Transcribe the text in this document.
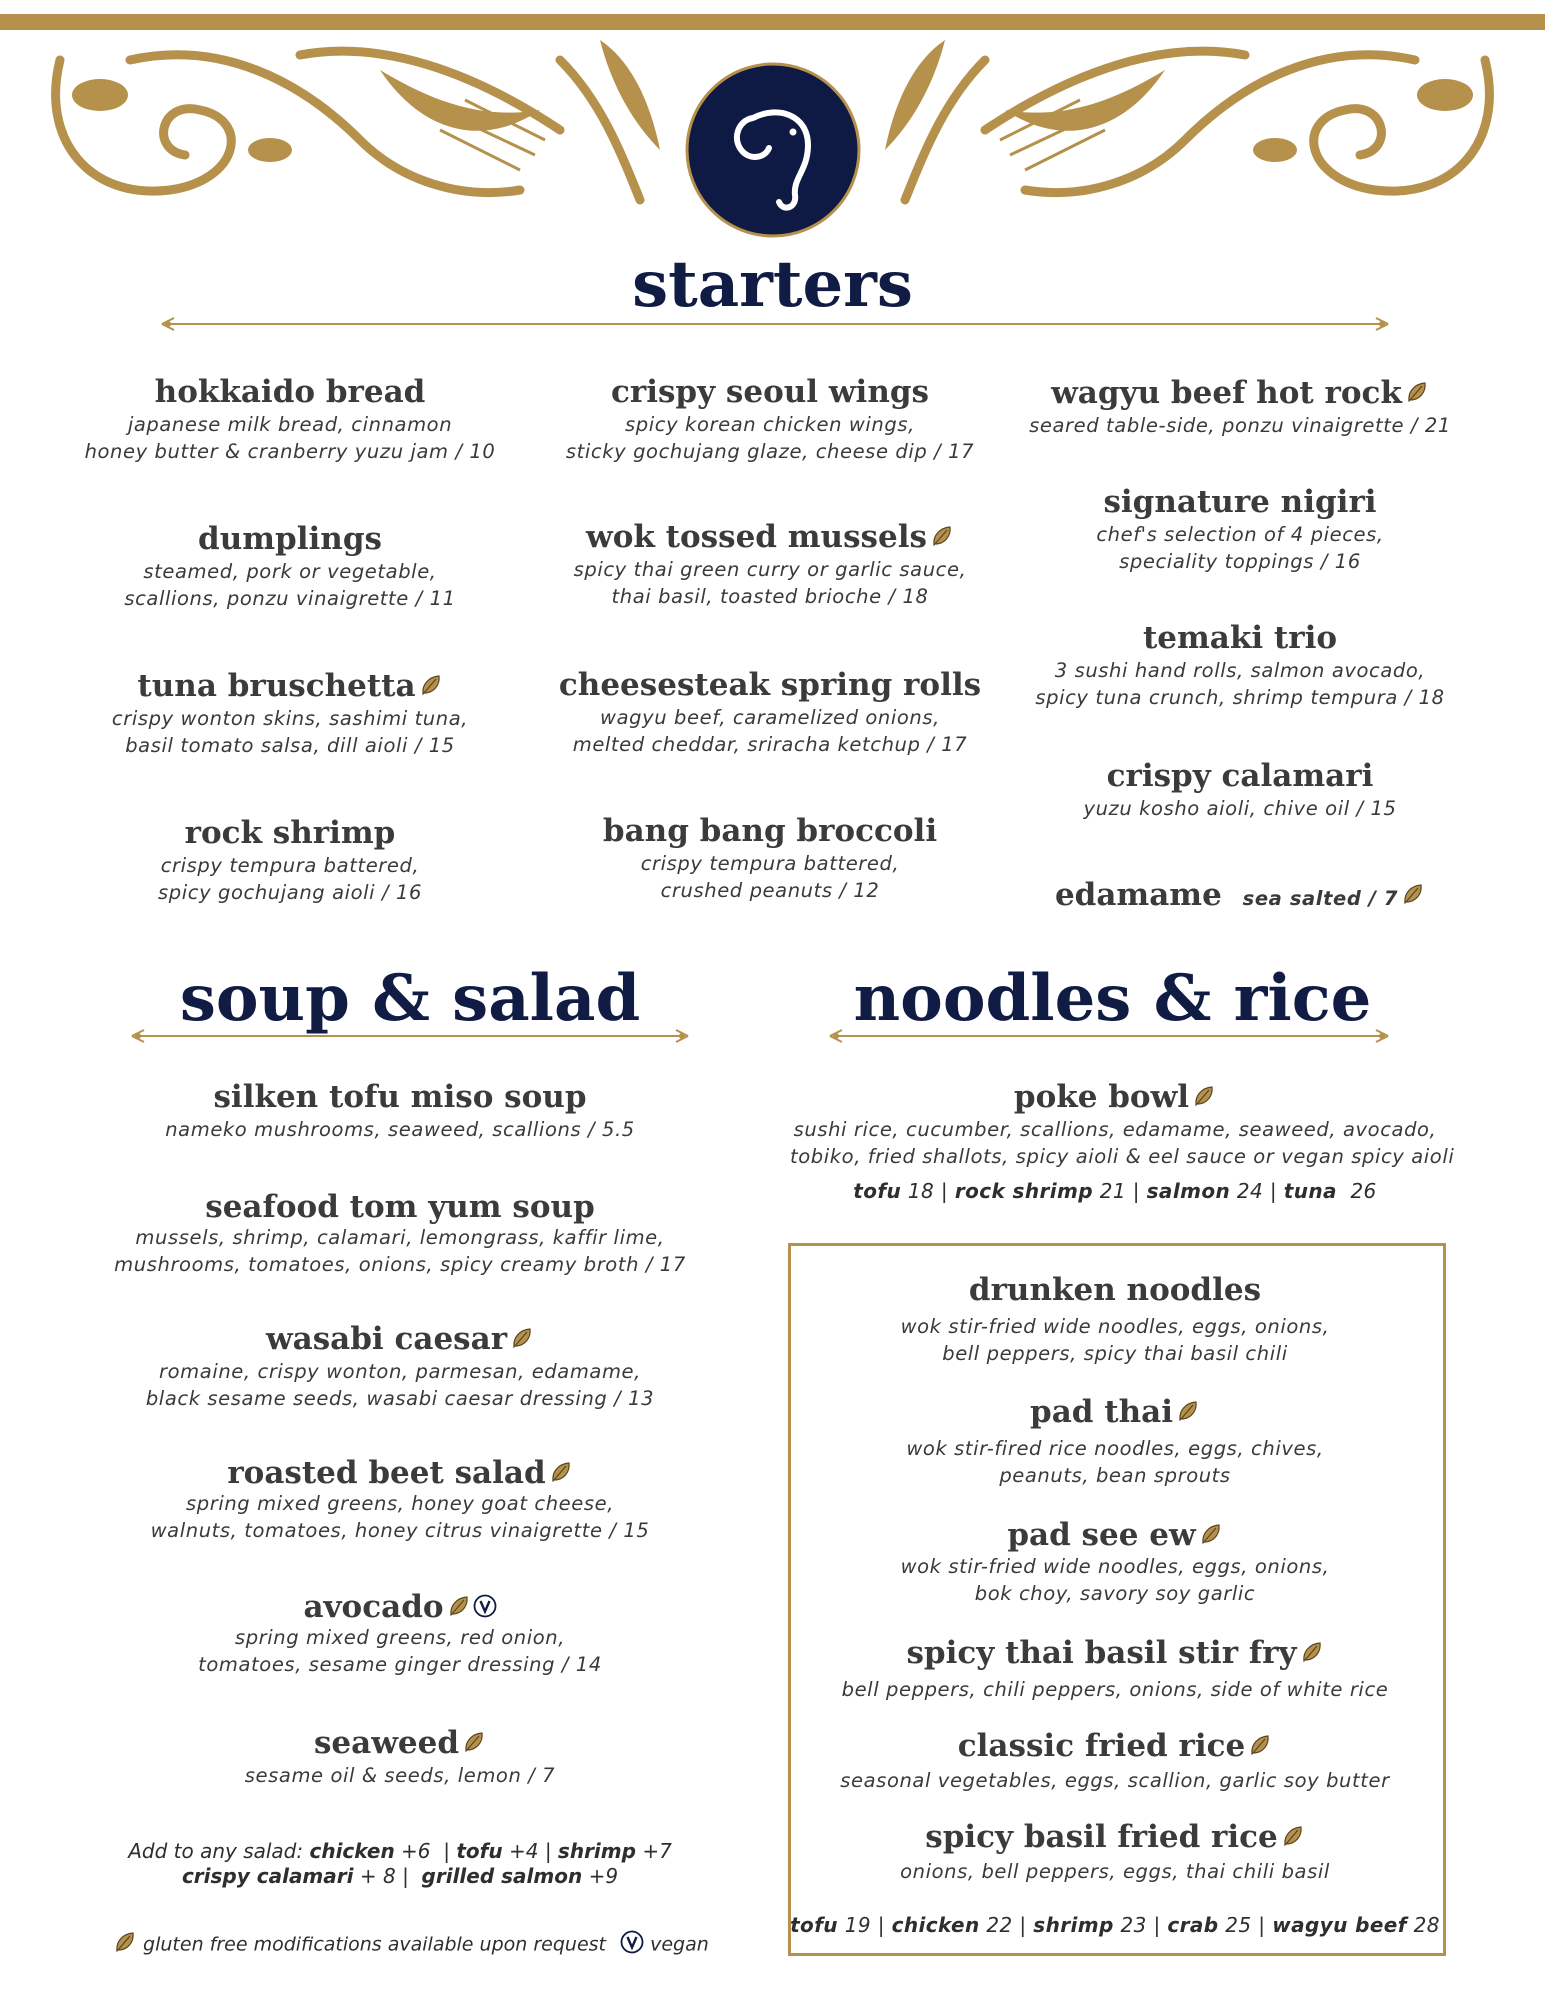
starters
hokkaido bread
japanese milk bread, cinnamon
honey butter & cranberry yuzu jam / 10
dumplings
steamed, pork or vegetable,
scallions, ponzu vinaigrette / 11
tuna bruschetta
crispy wonton skins, sashimi tuna,
basil tomato salsa, dill aioli / 15
rock shrimp
crispy tempura battered,
spicy gochujang aioli / 16
crispy seoul wings
spicy korean chicken wings,
sticky gochujang glaze, cheese dip / 17
wok tossed mussels
spicy thai green curry or garlic sauce,
thai basil, toasted brioche / 18
cheesesteak spring rolls
wagyu beef, caramelized onions,
melted cheddar, sriracha ketchup / 17
bang bang broccoli
crispy tempura battered,
crushed peanuts / 12
wagyu beef hot rock
seared table-side, ponzu vinaigrette / 21
signature nigiri
chef's selection of 4 pieces,
speciality toppings / 16
temaki trio
3 sushi hand rolls, salmon avocado,
spicy tuna crunch, shrimp tempura / 18
crispy calamari
yuzu kosho aioli, chive oil / 15
edamame sea salted / 7
soup & salad
silken tofu miso soup
nameko mushrooms, seaweed, scallions / 5.5
seafood tom yum soup
mussels, shrimp, calamari, lemongrass, kaffir lime,
mushrooms, tomatoes, onions, spicy creamy broth / 17
wasabi caesar
romaine, crispy wonton, parmesan, edamame,
black sesame seeds, wasabi caesar dressing / 13
roasted beet salad
spring mixed greens, honey goat cheese,
walnuts, tomatoes, honey citrus vinaigrette / 15
avocado
spring mixed greens, red onion,
tomatoes, sesame ginger dressing / 14
seaweed
sesame oil & seeds, lemon / 7
Add to any salad: chicken +6 | tofu +4 | shrimp +7
crispy calamari + 8 | grilled salmon +9
gluten free modifications available upon request vegan
noodles & rice
poke bowl
sushi rice, cucumber, scallions, edamame, seaweed, avocado,
tobiko, fried shallots, spicy aioli & eel sauce or vegan spicy aioli
tofu 18 | rock shrimp 21 | salmon 24 | tuna 26
drunken noodles
wok stir-fried wide noodles, eggs, onions,
bell peppers, spicy thai basil chili
pad thai
wok stir-fired rice noodles, eggs, chives,
peanuts, bean sprouts
pad see ew
wok stir-fried wide noodles, eggs, onions,
bok choy, savory soy garlic
spicy thai basil stir fry
bell peppers, chili peppers, onions, side of white rice
classic fried rice
seasonal vegetables, eggs, scallion, garlic soy butter
spicy basil fried rice
onions, bell peppers, eggs, thai chili basil
tofu 19 | chicken 22 | shrimp 23 | crab 25 | wagyu beef 28
